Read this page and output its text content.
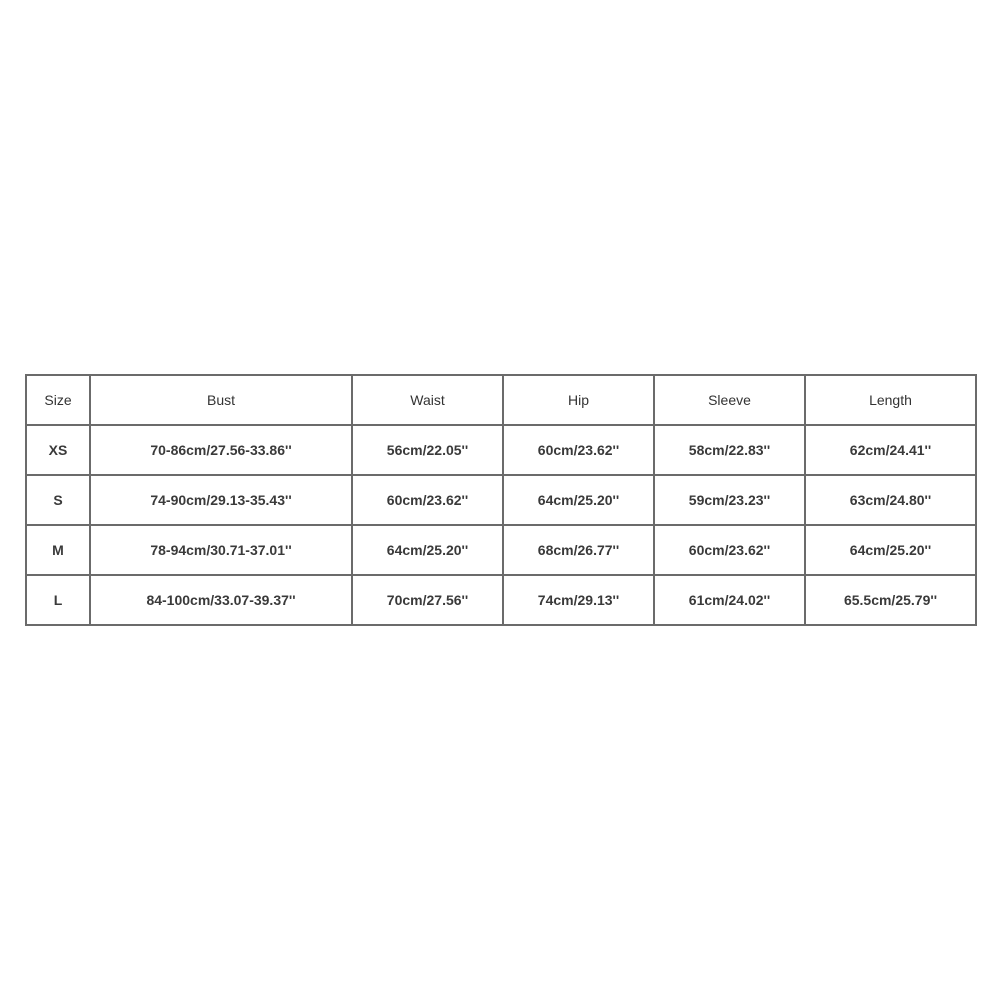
Size	Bust	Waist	Hip	Sleeve	Length
XS	70-86cm/27.56-33.86''	56cm/22.05''	60cm/23.62''	58cm/22.83''	62cm/24.41''
S	74-90cm/29.13-35.43''	60cm/23.62''	64cm/25.20''	59cm/23.23''	63cm/24.80''
M	78-94cm/30.71-37.01''	64cm/25.20''	68cm/26.77''	60cm/23.62''	64cm/25.20''
L	84-100cm/33.07-39.37''	70cm/27.56''	74cm/29.13''	61cm/24.02''	65.5cm/25.79''
